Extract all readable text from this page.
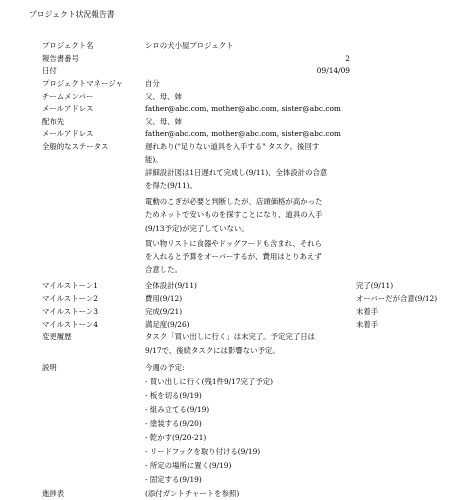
プロジェクト状況報告書
プロジェクト名	シロの犬小屋プロジェクト
報告書番号	2
日付	09/14/09
プロジェクトマネージャ	自分
チームメンバー	父、母、姉
メールアドレス	father@abc.com, mother@abc.com, sister@abc.com
配布先	父、母、姉
メールアドレス	father@abc.com, mother@abc.com, sister@abc.com
全般的なステータス	遅れあり("足りない道具を入手する" タスク。後回す
能)。
詳細設計図は1日遅れて完成し(9/11)、全体設計の合意
を得た(9/11)。
電動のこぎが必要と判断したが、店頭価格が高かった
ためネットで安いものを探すことになり、道具の入手
(9/13予定)が完了していない。
買い物リストに食器やドッグフードも含まれ、それら
を入れると予算をオーバーするが、費用はとりあえず
合意した。
マイルストーン1	全体設計(9/11)	完了(9/11)
マイルストーン2	費用(9/12)	オーバーだが合意(9/12)
マイルストーン3	完成(9/21)	未着手
マイルストーン4	満足度(9/26)	未着手
変更履歴	タスク「買い出しに行く」は未完了。予定完了日は
9/17で、後続タスクには影響ない予定。
説明	今週の予定:
- 買い出しに行く(残1件9/17完了予定)
- 板を切る(9/19)
- 組み立てる(9/19)
- 塗装する(9/20)
- 乾かす(9/20-21)
- リードフックを取り付ける(9/19)
- 所定の場所に置く(9/19)
- 固定する(9/19)
進捗表	(添付ガントチャートを参照)
